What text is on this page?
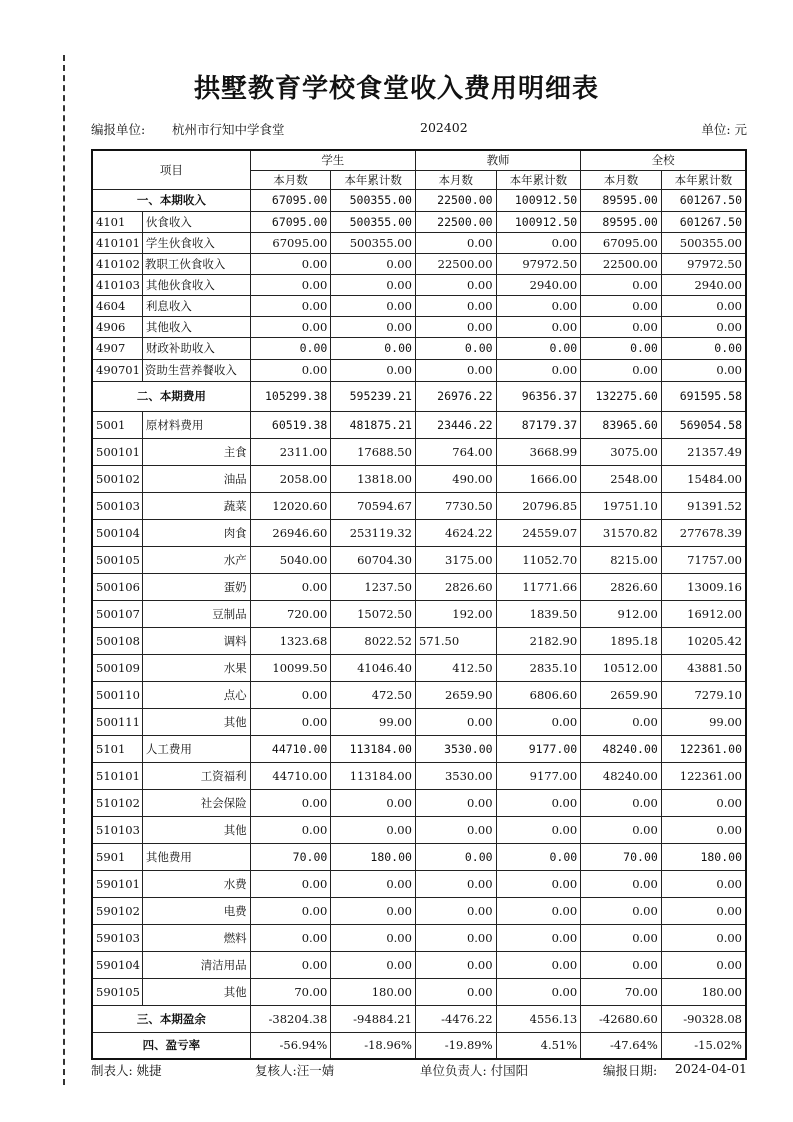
拱墅教育学校食堂收入费用明细表
编报单位: 杭州市行知中学食堂	202402	单位: 元
项目		学生		教师		全校	
		本月数	本年累计数	本月数	本年累计数	本月数	本年累计数
一、本期收入		67095.00	500355.00	22500.00	100912.50	89595.00	601267.50
4101	伙食收入	67095.00	500355.00	22500.00	100912.50	89595.00	601267.50
410101	学生伙食收入	67095.00	500355.00	0.00	0.00	67095.00	500355.00
410102	教职工伙食收入	0.00	0.00	22500.00	97972.50	22500.00	97972.50
410103	其他伙食收入	0.00	0.00	0.00	2940.00	0.00	2940.00
4604	利息收入	0.00	0.00	0.00	0.00	0.00	0.00
4906	其他收入	0.00	0.00	0.00	0.00	0.00	0.00
4907	财政补助收入	0.00	0.00	0.00	0.00	0.00	0.00
490701	资助生营养餐收入	0.00	0.00	0.00	0.00	0.00	0.00
二、本期费用		105299.38	595239.21	26976.22	96356.37	132275.60	691595.58
5001	原材料费用	60519.38	481875.21	23446.22	87179.37	83965.60	569054.58
500101	主食	2311.00	17688.50	764.00	3668.99	3075.00	21357.49
500102	油品	2058.00	13818.00	490.00	1666.00	2548.00	15484.00
500103	蔬菜	12020.60	70594.67	7730.50	20796.85	19751.10	91391.52
500104	肉食	26946.60	253119.32	4624.22	24559.07	31570.82	277678.39
500105	水产	5040.00	60704.30	3175.00	11052.70	8215.00	71757.00
500106	蛋奶	0.00	1237.50	2826.60	11771.66	2826.60	13009.16
500107	豆制品	720.00	15072.50	192.00	1839.50	912.00	16912.00
500108	调料	1323.68	8022.52	571.50	2182.90	1895.18	10205.42
500109	水果	10099.50	41046.40	412.50	2835.10	10512.00	43881.50
500110	点心	0.00	472.50	2659.90	6806.60	2659.90	7279.10
500111	其他	0.00	99.00	0.00	0.00	0.00	99.00
5101	人工费用	44710.00	113184.00	3530.00	9177.00	48240.00	122361.00
510101	工资福利	44710.00	113184.00	3530.00	9177.00	48240.00	122361.00
510102	社会保险	0.00	0.00	0.00	0.00	0.00	0.00
510103	其他	0.00	0.00	0.00	0.00	0.00	0.00
5901	其他费用	70.00	180.00	0.00	0.00	70.00	180.00
590101	水费	0.00	0.00	0.00	0.00	0.00	0.00
590102	电费	0.00	0.00	0.00	0.00	0.00	0.00
590103	燃料	0.00	0.00	0.00	0.00	0.00	0.00
590104	清洁用品	0.00	0.00	0.00	0.00	0.00	0.00
590105	其他	70.00	180.00	0.00	0.00	70.00	180.00
三、本期盈余		-38204.38	-94884.21	-4476.22	4556.13	-42680.60	-90328.08
四、盈亏率		-56.94%	-18.96%	-19.89%	4.51%	-47.64%	-15.02%
制表人: 姚捷	复核人:汪一婧	单位负责人: 付国阳	编报日期: 2024-04-01
